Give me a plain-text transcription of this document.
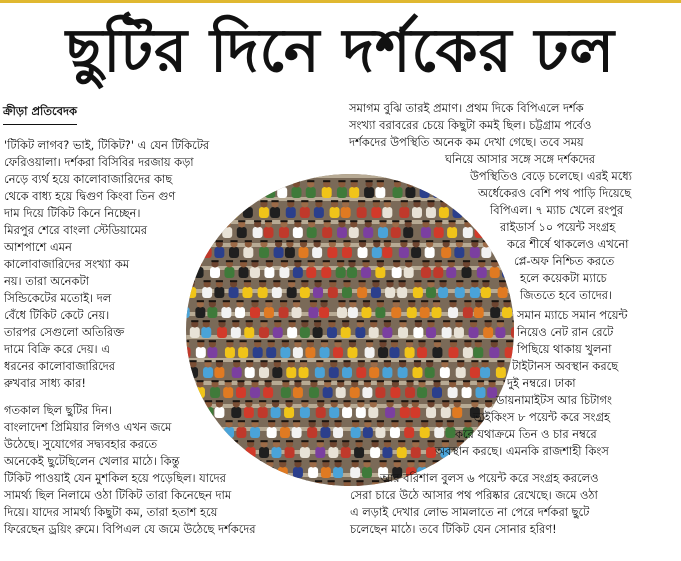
ছুটির দিনে দর্শকের ঢল
ক্রীড়া প্রতিবেদক
'টিকিট লাগব? ভাই, টিকিট?' এ যেন টিকিটের
ফেরিওয়ালা। দর্শকরা বিসিবির দরজায় কড়া
নেড়ে ব্যর্থ হয়ে কালোবাজারিদের কাছ
থেকে বাধ্য হয়ে দ্বিগুণ কিংবা তিন গুণ
দাম দিয়ে টিকিট কিনে নিচ্ছেন।
মিরপুর শেরে বাংলা স্টেডিয়ামের
আশপাশে এমন
কালোবাজারিদের সংখ্যা কম
নয়। তারা অনেকটা
সিন্ডিকেটের মতোই। দল
বেঁধে টিকিট কেটে নেয়।
তারপর সেগুলো অতিরিক্ত
দামে বিক্রি করে দেয়। এ
ধরনের কালোবাজারিদের
রুখবার সাধ্য কার!
গতকাল ছিল ছুটির দিন।
বাংলাদেশ প্রিমিয়ার লিগও এখন জমে
উঠেছে। সুযোগের সদ্ব্যবহার করতে
অনেকেই ছুটেছিলেন খেলার মাঠে। কিন্তু
টিকিট পাওয়াই যেন মুশকিল হয়ে পড়েছিল। যাদের
সামর্থ্য ছিল নিলামে ওঠা টিকিট তারা কিনেছেন দাম
দিয়ে। যাদের সামর্থ্য কিছুটা কম, তারা হতাশ হয়ে
ফিরেছেন ড্রয়িং রুমে। বিপিএল যে জমে উঠেছে দর্শকদের
সমাগম বুঝি তারই প্রমাণ। প্রথম দিকে বিপিএলে দর্শক
সংখ্যা বরাবরের চেয়ে কিছুটা কমই ছিল। চট্টগ্রাম পর্বেও
দর্শকদের উপস্থিতি অনেক কম দেখা গেছে। তবে সময়
ঘনিয়ে আসার সঙ্গে সঙ্গে দর্শকদের
উপস্থিতিও বেড়ে চলেছে। এরই মধ্যে
অর্ধেকেরও বেশি পথ পাড়ি দিয়েছে
বিপিএল। ৭ ম্যাচ খেলে রংপুর
রাইডার্স ১০ পয়েন্ট সংগ্রহ
করে শীর্ষে থাকলেও এখনো
প্লে-অফ নিশ্চিত করতে
হলে কয়েকটা ম্যাচে
জিততে হবে তাদের।
সমান ম্যাচে সমান পয়েন্ট
নিয়েও নেট রান রেটে
পিছিয়ে থাকায় খুলনা
টাইটানস অবস্থান করছে
দুই নম্বরে। ঢাকা
ডায়নামাইটস আর চিটাগং
ভাইকিংস ৮ পয়েন্ট করে সংগ্রহ
করে যথাক্রমে তিন ও চার নম্বরে
অবস্থান করছে। এমনকি রাজশাহী কিংস
আর বরিশাল বুলস ৬ পয়েন্ট করে সংগ্রহ করলেও
সেরা চারে উঠে আসার পথ পরিষ্কার রেখেছে। জমে ওঠা
এ লড়াই দেখার লোভ সামলাতে না পেরে দর্শকরা ছুটে
চলেছেন মাঠে। তবে টিকিট যেন সোনার হরিণ!
